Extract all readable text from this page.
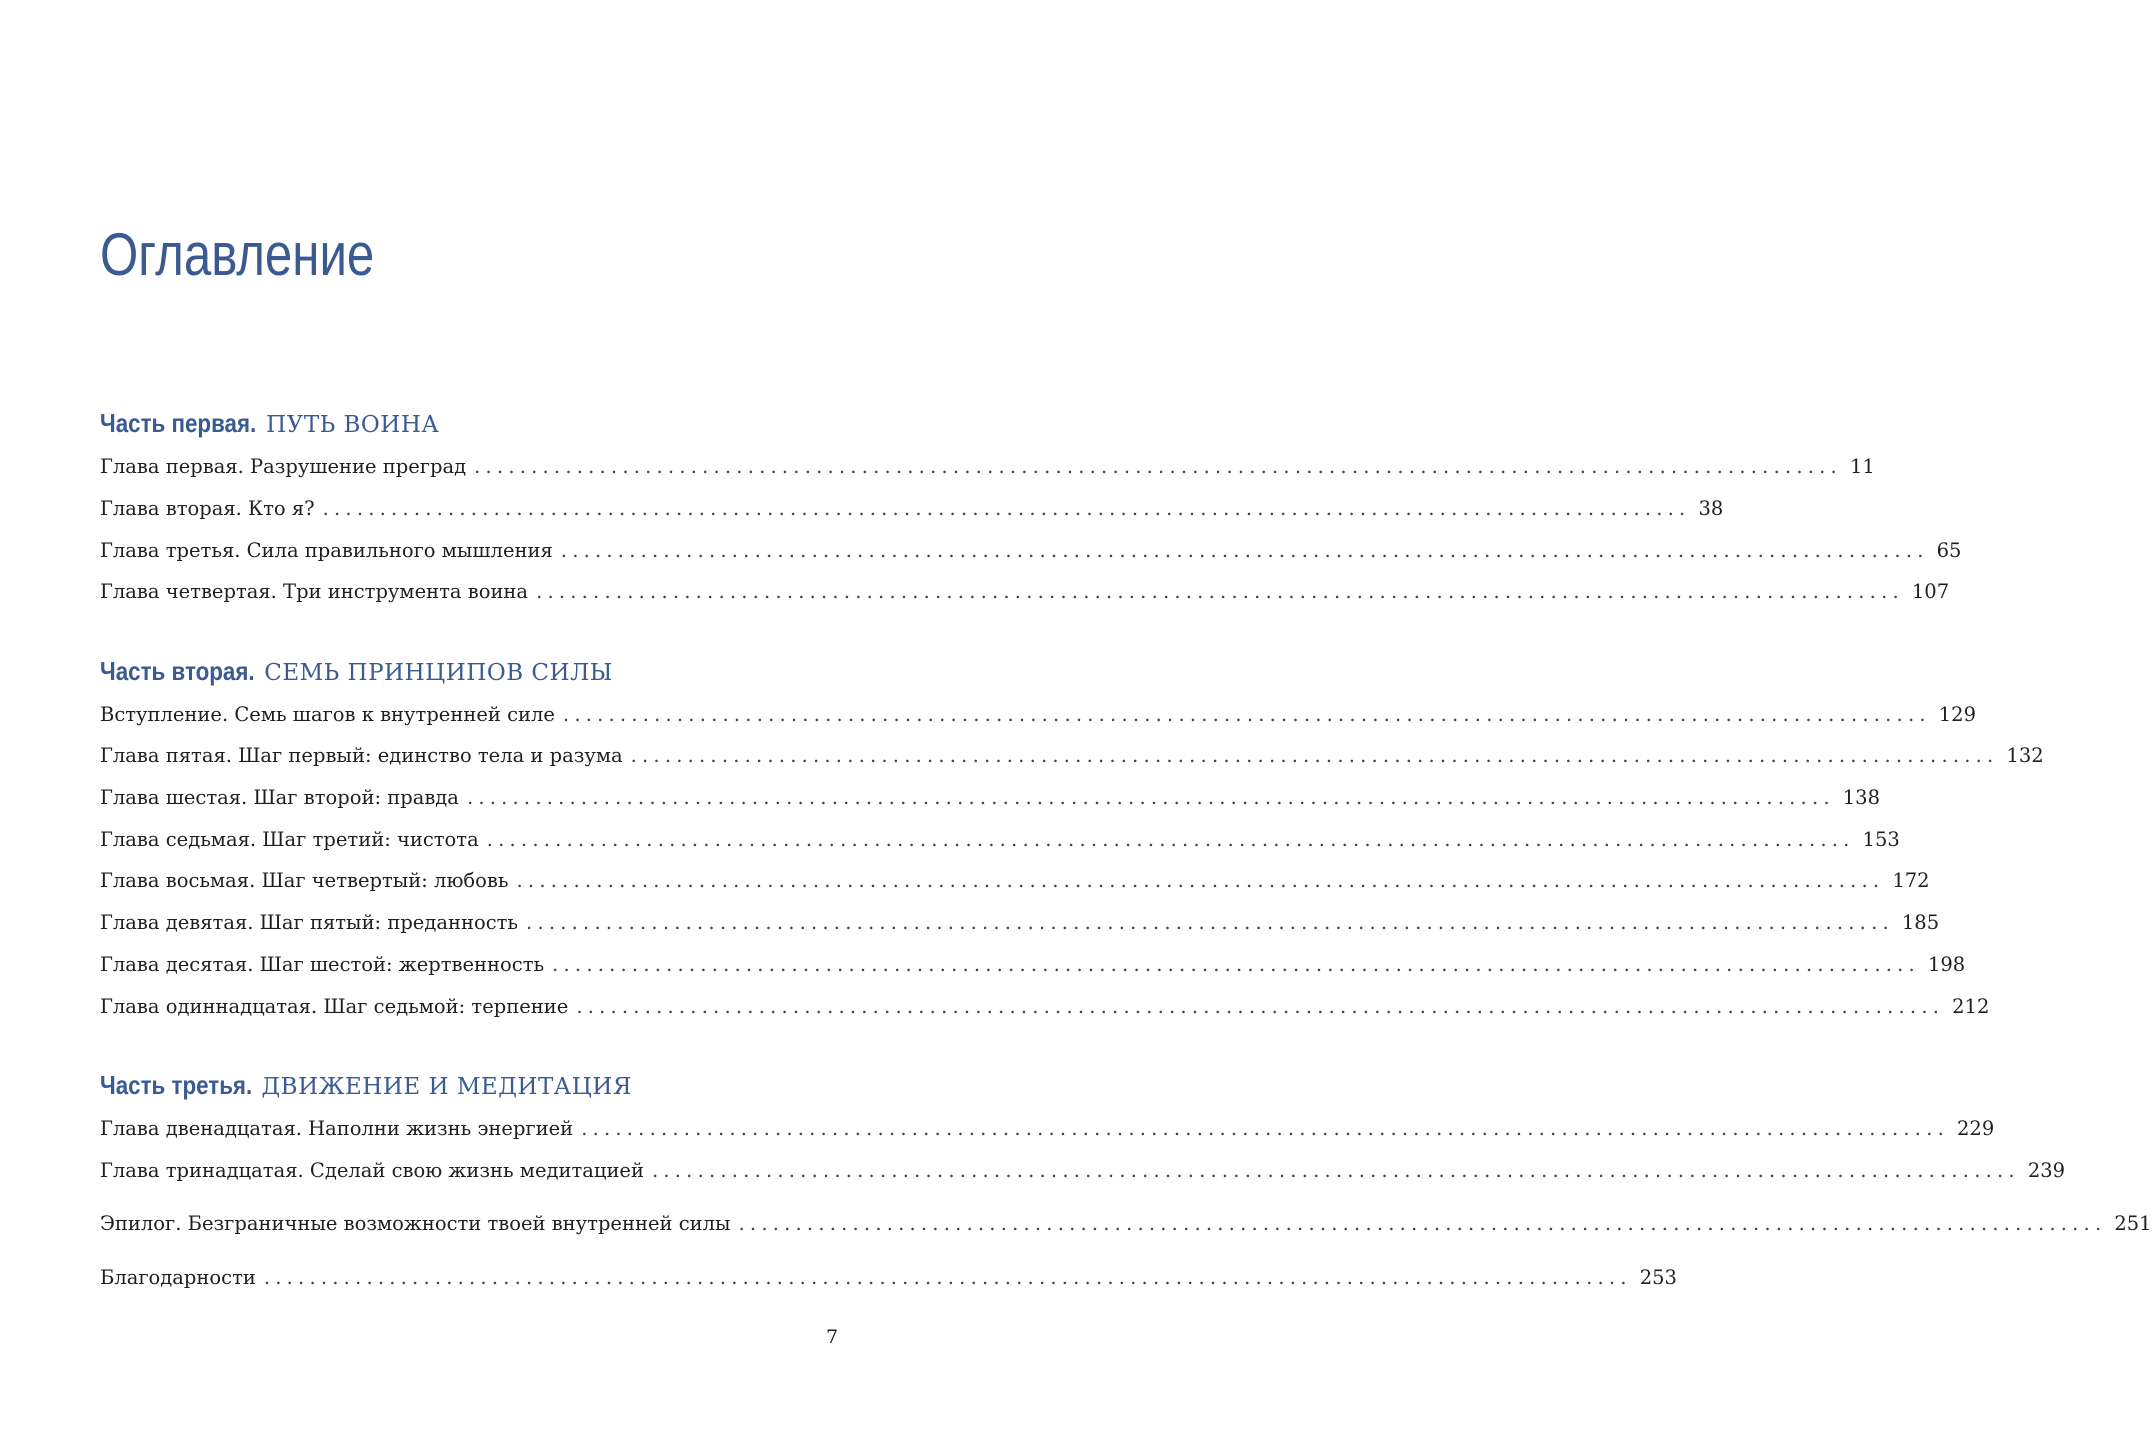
Оглавление
Часть первая. ПУТЬ ВОИНА
Глава первая. Разрушение преград ........................................................................................................................ 11
Глава вторая. Кто я? ........................................................................................................................ 38
Глава третья. Сила правильного мышления ........................................................................................................................ 65
Глава четвертая. Три инструмента воина ........................................................................................................................ 107
Часть вторая. СЕМЬ ПРИНЦИПОВ СИЛЫ
Вступление. Семь шагов к внутренней силе ........................................................................................................................ 129
Глава пятая. Шаг первый: единство тела и разума ........................................................................................................................ 132
Глава шестая. Шаг второй: правда ........................................................................................................................ 138
Глава седьмая. Шаг третий: чистота ........................................................................................................................ 153
Глава восьмая. Шаг четвертый: любовь ........................................................................................................................ 172
Глава девятая. Шаг пятый: преданность ........................................................................................................................ 185
Глава десятая. Шаг шестой: жертвенность ........................................................................................................................ 198
Глава одиннадцатая. Шаг седьмой: терпение ........................................................................................................................ 212
Часть третья. ДВИЖЕНИЕ И МЕДИТАЦИЯ
Глава двенадцатая. Наполни жизнь энергией ........................................................................................................................ 229
Глава тринадцатая. Сделай свою жизнь медитацией ........................................................................................................................ 239
Эпилог. Безграничные возможности твоей внутренней силы ........................................................................................................................ 251
Благодарности ........................................................................................................................ 253
7
